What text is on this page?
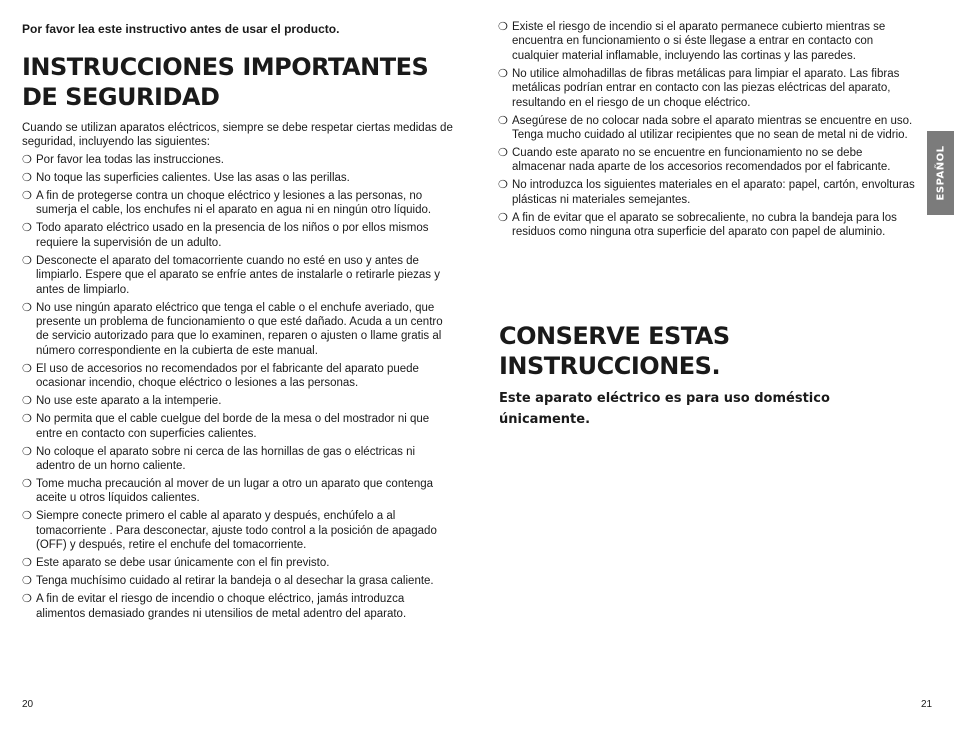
Por favor lea este instructivo antes de usar el producto.

INSTRUCCIONES IMPORTANTES
DE SEGURIDAD

Cuando se utilizan aparatos eléctricos, siempre se debe respetar ciertas medidas de seguridad, incluyendo las siguientes:

❍ Por favor lea todas las instrucciones.
❍ No toque las superficies calientes. Use las asas o las perillas.
❍ A fin de protegerse contra un choque eléctrico y lesiones a las personas, no sumerja el cable, los enchufes ni el aparato en agua ni en ningún otro líquido.
❍ Todo aparato eléctrico usado en la presencia de los niños o por ellos mismos requiere la supervisión de un adulto.
❍ Desconecte el aparato del tomacorriente cuando no esté en uso y antes de limpiarlo. Espere que el aparato se enfríe antes de instalarle o retirarle piezas y antes de limpiarlo.
❍ No use ningún aparato eléctrico que tenga el cable o el enchufe averiado, que presente un problema de funcionamiento o que esté dañado. Acuda a un centro de servicio autorizado para que lo examinen, reparen o ajusten o llame gratis al número correspondiente en la cubierta de este manual.
❍ El uso de accesorios no recomendados por el fabricante del aparato puede ocasionar incendio, choque eléctrico o lesiones a las personas.
❍ No use este aparato a la intemperie.
❍ No permita que el cable cuelgue del borde de la mesa o del mostrador ni que entre en contacto con superficies calientes.
❍ No coloque el aparato sobre ni cerca de las hornillas de gas o eléctricas ni adentro de un horno caliente.
❍ Tome mucha precaución al mover de un lugar a otro un aparato que contenga aceite u otros líquidos calientes.
❍ Siempre conecte primero el cable al aparato y después, enchúfelo a al tomacorriente . Para desconectar, ajuste todo control a la posición de apagado (OFF) y después, retire el enchufe del tomacorriente.
❍ Este aparato se debe usar únicamente con el fin previsto.
❍ Tenga muchísimo cuidado al retirar la bandeja o al desechar la grasa caliente.
❍ A fin de evitar el riesgo de incendio o choque eléctrico, jamás introduzca alimentos demasiado grandes ni utensilios de metal adentro del aparato.
20
❍ Existe el riesgo de incendio si el aparato permanece cubierto mientras se encuentra en funcionamiento o si éste llegase a entrar en contacto con cualquier material inflamable, incluyendo las cortinas y las paredes.
❍ No utilice almohadillas de fibras metálicas para limpiar el aparato. Las fibras metálicas podrían entrar en contacto con las piezas eléctricas del aparato, resultando en el riesgo de un choque eléctrico.
❍ Asegúrese de no colocar nada sobre el aparato mientras se encuentre en uso. Tenga mucho cuidado al utilizar recipientes que no sean de metal ni de vidrio.
❍ Cuando este aparato no se encuentre en funcionamiento no se debe almacenar nada aparte de los accesorios recomendados por el fabricante.
❍ No introduzca los siguientes materiales en el aparato: papel, cartón, envolturas plásticas ni materiales semejantes.
❍ A fin de evitar que el aparato se sobrecaliente, no cubra la bandeja para los residuos como ninguna otra superficie del aparato con papel de aluminio.
CONSERVE ESTAS
INSTRUCCIONES.

Este aparato eléctrico es para uso doméstico únicamente.

ESPAÑOL
21
